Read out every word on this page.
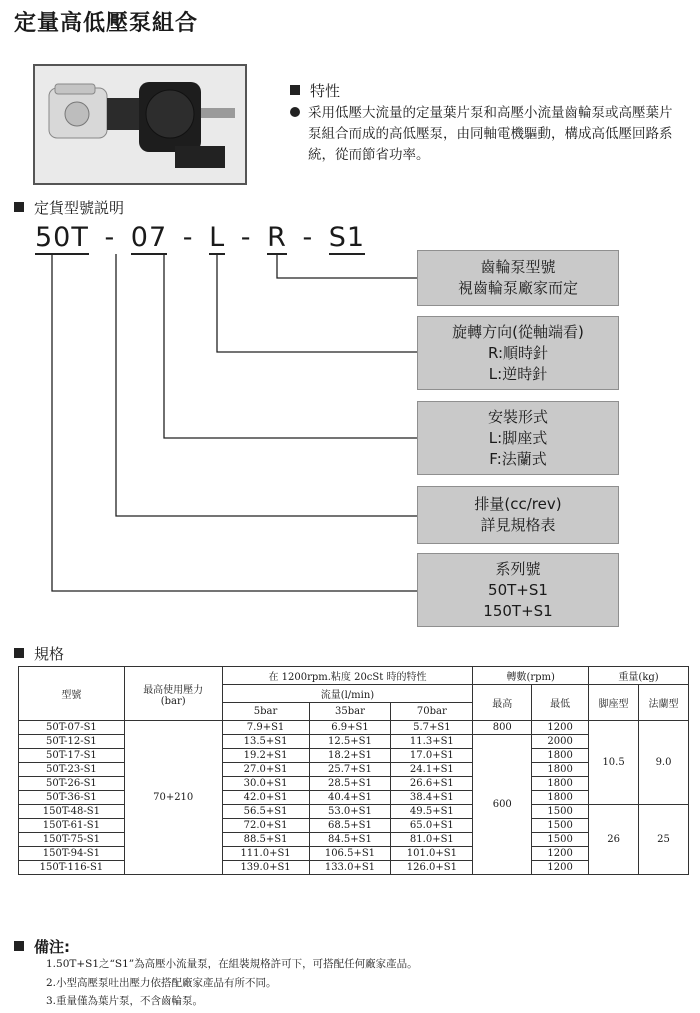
定量高低壓泵組合
特性
采用低壓大流量的定量葉片泵和高壓小流量齒輪泵或高壓葉片
泵組合而成的高低壓泵，由同軸電機驅動，構成高低壓回路系
統，從而節省功率。
定貨型號説明
50T - 07 - L - R - S1
齒輪泵型號
視齒輪泵廠家而定
旋轉方向(從軸端看)
R:順時針
L:逆時針
安裝形式
L:脚座式
F:法蘭式
排量(cc/rev)
詳見規格表
系列號
50T+S1
150T+S1
規格
型號	最高使用壓力
(bar)	在 1200rpm.粘度 20cSt 時的特性			轉數(rpm)		重量(kg)	
		流量(l/min)			最高	最低	脚座型	法蘭型
		5bar	35bar	70bar				
50T-07-S1	70+210	7.9+S1	6.9+S1	5.7+S1	800	1200	10.5	9.0
50T-12-S1		13.5+S1	12.5+S1	11.3+S1	600	2000		
50T-17-S1		19.2+S1	18.2+S1	17.0+S1		1800		
50T-23-S1		27.0+S1	25.7+S1	24.1+S1		1800		
50T-26-S1		30.0+S1	28.5+S1	26.6+S1		1800		
50T-36-S1		42.0+S1	40.4+S1	38.4+S1		1800		
150T-48-S1		56.5+S1	53.0+S1	49.5+S1		1500	26	25
150T-61-S1		72.0+S1	68.5+S1	65.0+S1		1500		
150T-75-S1		88.5+S1	84.5+S1	81.0+S1		1500		
150T-94-S1		111.0+S1	106.5+S1	101.0+S1		1200		
150T-116-S1		139.0+S1	133.0+S1	126.0+S1		1200		
備注:
1.50T+S1之“S1”為高壓小流量泵，在組裝規格許可下，可搭配任何廠家產品。
2.小型高壓泵吐出壓力依搭配廠家產品有所不同。
3.重量僅為葉片泵，不含齒輪泵。
